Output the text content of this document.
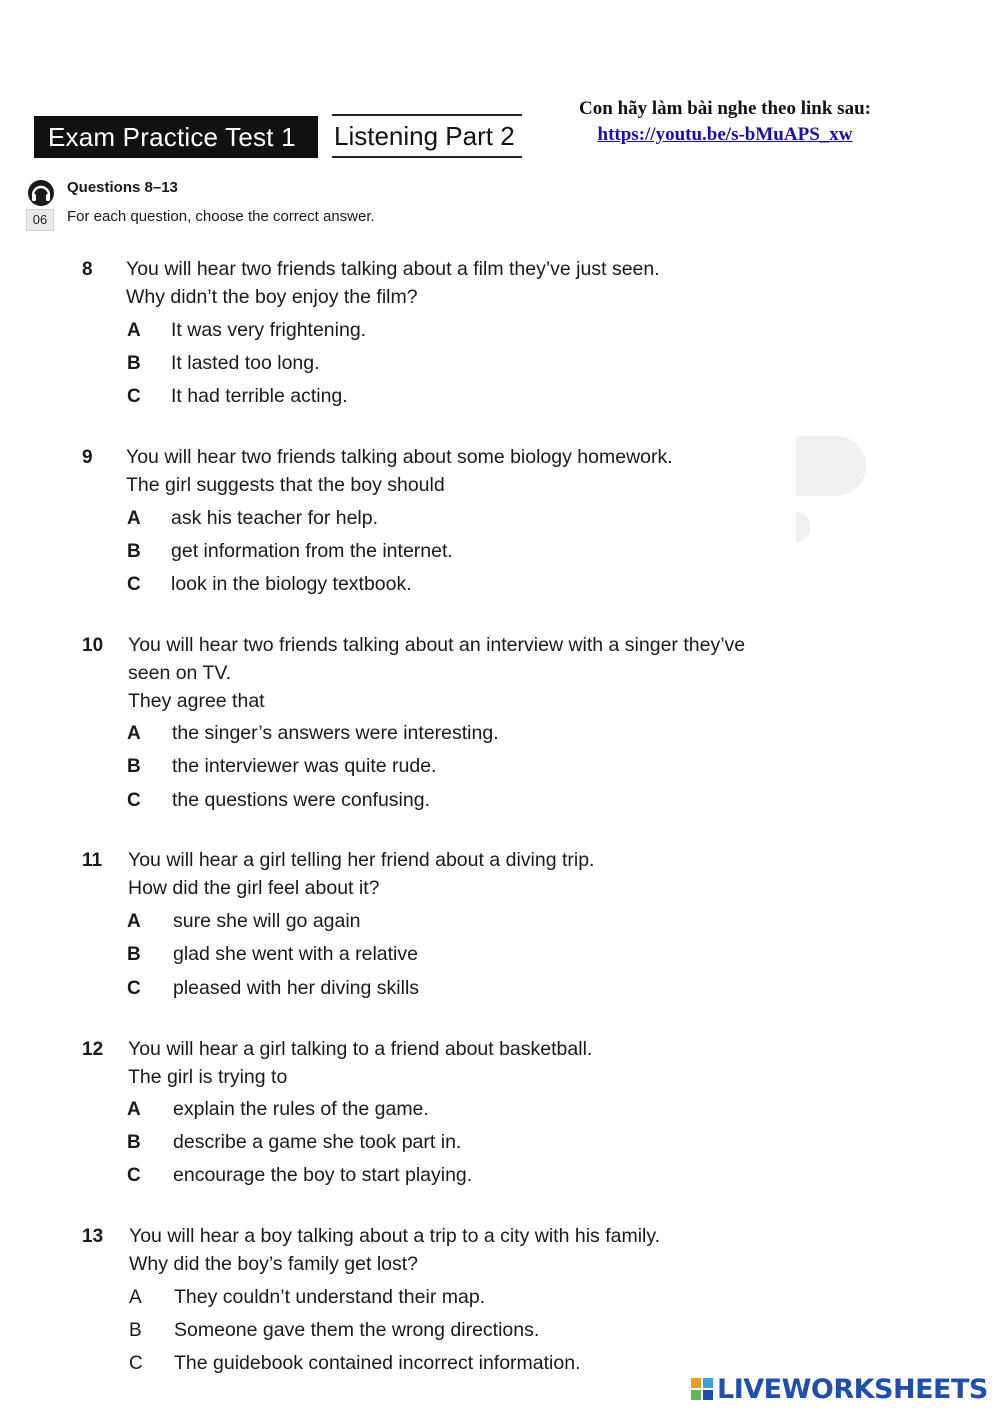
Exam Practice Test 1	Listening Part 2
Con hãy làm bài nghe theo link sau:
https://youtu.be/s-bMuAPS_xw
06
Questions 8–13
For each question, choose the correct answer.
8 You will hear two friends talking about a film they’ve just seen.
Why didn’t the boy enjoy the film?
A It was very frightening.
B It lasted too long.
C It had terrible acting.
9 You will hear two friends talking about some biology homework.
The girl suggests that the boy should
A ask his teacher for help.
B get information from the internet.
C look in the biology textbook.
10 You will hear two friends talking about an interview with a singer they’ve
seen on TV.
They agree that
A the singer’s answers were interesting.
B the interviewer was quite rude.
C the questions were confusing.
11 You will hear a girl telling her friend about a diving trip.
How did the girl feel about it?
A sure she will go again
B glad she went with a relative
C pleased with her diving skills
12 You will hear a girl talking to a friend about basketball.
The girl is trying to
A explain the rules of the game.
B describe a game she took part in.
C encourage the boy to start playing.
13 You will hear a boy talking about a trip to a city with his family.
Why did the boy’s family get lost?
A They couldn’t understand their map.
B Someone gave them the wrong directions.
C The guidebook contained incorrect information.
LIVEWORKSHEETS
